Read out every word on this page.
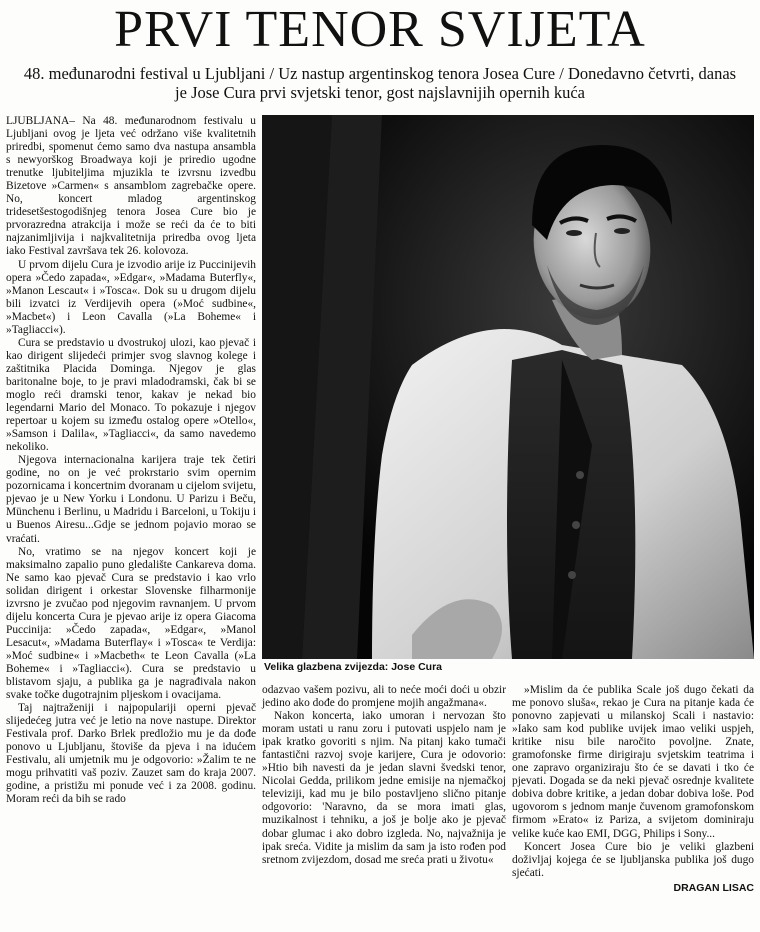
PRVI TENOR SVIJETA
48. međunarodni festival u Ljubljani / Uz nastup argentinskog tenora Josea Cure / Donedavno četvrti, danas je Jose Cura prvi svjetski tenor, gost najslavnijih opernih kuća

LJUBLJANA– Na 48. međunarodnom festivalu u Ljubljani ovog je ljeta već održano više kvalitetnih priredbi, spomenut ćemo samo dva nastupa ansambla s newyorškog Broadwaya koji je priredio ugodne trenutke ljubiteljima mjuzikla te izvrsnu izvedbu Bizetove »Carmen« s ansamblom zagrebačke opere. No, koncert mladog argentinskog tridesetšestogodišnjeg tenora Josea Cure bio je prvorazredna atrakcija i može se reći da će to biti najzanimljivija i najkvalitetnija priredba ovog ljeta iako Festival završava tek 26. kolovoza.

U prvom dijelu Cura je izvodio arije iz Puccinijevih opera »Čedo zapada«, »Edgar«, »Madama Buterfly«, »Manon Lescaut« i »Tosca«. Dok su u drugom dijelu bili izvatci iz Verdijevih opera (»Moć sudbine«, »Macbet«) i Leon Cavalla (»La Boheme« i »Tagliacci«).

Cura se predstavio u dvostrukoj ulozi, kao pjevač i kao dirigent slijedeći primjer svog slavnog kolege i zaštitnika Placida Dominga. Njegov je glas baritonalne boje, to je pravi mladodramski, čak bi se moglo reći dramski tenor, kakav je nekad bio legendarni Mario del Monaco. To pokazuje i njegov repertoar u kojem su između ostalog opere »Otello«, »Samson i Dalila«, »Tagliacci«, da samo navedemo nekoliko.

Njegova internacionalna karijera traje tek četiri godine, no on je već prokrstario svim opernim pozornicama i koncertnim dvoranam u cijelom svijetu, pjevao je u New Yorku i Londonu. U Parizu i Beču, Münchenu i Berlinu, u Madridu i Barceloni, u Tokiju i u Buenos Airesu...Gdje se jednom pojavio morao se vraćati.

No, vratimo se na njegov koncert koji je maksimalno zapalio puno gledalište Cankareva doma. Ne samo kao pjevač Cura se predstavio i kao vrlo solidan dirigent i orkestar Slovenske filharmonije izvrsno je zvučao pod njegovim ravnanjem. U prvom dijelu koncerta Cura je pjevao arije iz opera Giacoma Puccinija: »Čedo zapada«, »Edgar«, »Manol Lesacut«, »Madama Buterflay« i »Tosca« te Verdija: »Moć sudbine« i »Macbeth« te Leon Cavalla (»La Boheme« i »Tagliacci«). Cura se predstavio u blistavom sjaju, a publika ga je nagrađivala nakon svake točke dugotrajnim pljeskom i ovacijama.

Taj najtraženiji i najpopulariji operni pjevač slijedećeg jutra već je letio na nove nastupe. Direktor Festivala prof. Darko Brlek predložio mu je da dođe ponovo u Ljubljanu, štoviše da pjeva i na idućem Festivalu, ali umjetnik mu je odgovorio: »Žalim te ne mogu prihvatiti vaš poziv. Zauzet sam do kraja 2007. godine, a pristižu mi ponude već i za 2008. godinu. Moram reći da bih se rado

Velika glazbena zvijezda: Jose Cura

odazvao vašem pozivu, ali to neće moći doći u obzir jedino ako dođe do promjene mojih angažmana«.

Nakon koncerta, iako umoran i nervozan što moram ustati u ranu zoru i putovati uspjelo nam je ipak kratko govoriti s njim. Na pitanj kako tumači fantastični razvoj svoje karijere, Cura je odovorio: »Htio bih navesti da je jedan slavni švedski tenor, Nicolai Gedda, prilikom jedne emisije na njemačkoj televiziji, kad mu je bilo postavljeno slično pitanje odgovorio: 'Naravno, da se mora imati glas, muzikalnost i tehniku, a još je bolje ako je pjevač dobar glumac i ako dobro izgleda. No, najvažnija je ipak sreća. Vidite ja mislim da sam ja isto rođen pod sretnom zvijezdom, dosad me sreća prati u životu«

»Mislim da će publika Scale još dugo čekati da me ponovo sluša«, rekao je Cura na pitanje kada će ponovno zapjevati u milanskoj Scali i nastavio: »Iako sam kod publike uvijek imao veliki uspjeh, kritike nisu bile naročito povoljne. Znate, gramofonske firme dirigiraju svjetskim teatrima i one zapravo organiziraju što će se davati i tko će pjevati. Dogada se da neki pjevač osrednje kvalitete dobiva dobre kritike, a jedan dobar dobiva loše. Pod ugovorom s jednom manje čuvenom gramofonskom firmom »Erato« iz Pariza, a svijetom dominiraju velike kuće kao EMI, DGG, Philips i Sony...

Koncert Josea Cure bio je veliki glazbeni doživljaj kojega će se ljubljanska publika još dugo sjećati.

DRAGAN LISAC
